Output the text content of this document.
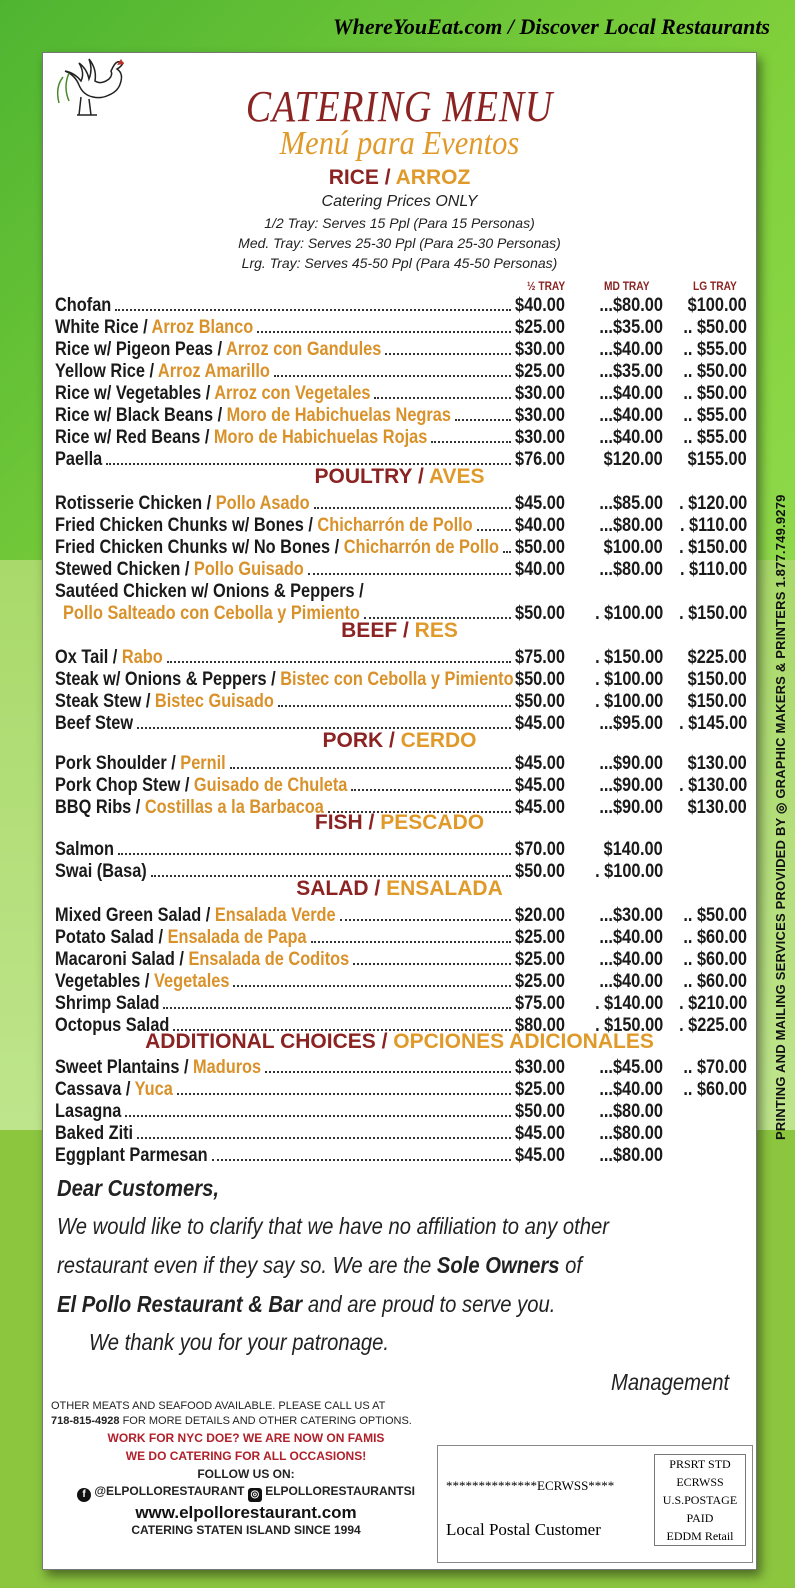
WhereYouEat.com / Discover Local Restaurants
PRINTING AND MAILING SERVICES PROVIDED BY ◎ GRAPHIC MAKERS & PRINTERS 1.877.749.9279
CATERING MENU
Menú para Eventos
RICE / ARROZ
Catering Prices ONLY
1/2 Tray: Serves 15 Ppl (Para 15 Personas)
Med. Tray: Serves 25-30 Ppl (Para 25-30 Personas)
Lrg. Tray: Serves 45-50 Ppl (Para 45-50 Personas)
½ TRAY	MD TRAY	LG TRAY
Chofan	$40.00 ...$80.00 $100.00
White Rice / Arroz Blanco	$25.00 ...$35.00 .. $50.00
Rice w/ Pigeon Peas / Arroz con Gandules	$30.00 ...$40.00 .. $55.00
Yellow Rice / Arroz Amarillo	$25.00 ...$35.00 .. $50.00
Rice w/ Vegetables / Arroz con Vegetales	$30.00 ...$40.00 .. $50.00
Rice w/ Black Beans / Moro de Habichuelas Negras	$30.00 ...$40.00 .. $55.00
Rice w/ Red Beans / Moro de Habichuelas Rojas	$30.00 ...$40.00 .. $55.00
Paella	$76.00 $120.00 $155.00
Rotisserie Chicken / Pollo Asado	$45.00 ...$85.00 . $120.00
Fried Chicken Chunks w/ Bones / Chicharrón de Pollo $40.00 ...$80.00 . $110.00
Fried Chicken Chunks w/ No Bones / Chicharrón de Pollo $50.00 $100.00 . $150.00
Stewed Chicken / Pollo Guisado	$40.00 ...$80.00 . $110.00
Sautéed Chicken w/ Onions & Peppers /
Pollo Salteado con Cebolla y Pimiento	$50.00 . $100.00 . $150.00
Ox Tail / Rabo	$75.00 . $150.00 $225.00
Steak w/ Onions & Peppers / Bistec con Cebolla y Pimiento $50.00 . $100.00 $150.00
Steak Stew / Bistec Guisado	$50.00 . $100.00 $150.00
Beef Stew	$45.00 ...$95.00 . $145.00
Pork Shoulder / Pernil	$45.00 ...$90.00 $130.00
Pork Chop Stew / Guisado de Chuleta	$45.00 ...$90.00 . $130.00
BBQ Ribs / Costillas a la Barbacoa	$45.00 ...$90.00 $130.00
Salmon	$70.00 $140.00
Swai (Basa)	$50.00 . $100.00
Mixed Green Salad / Ensalada Verde	$20.00 ...$30.00 .. $50.00
Potato Salad / Ensalada de Papa	$25.00 ...$40.00 .. $60.00
Macaroni Salad / Ensalada de Coditos	$25.00 ...$40.00 .. $60.00
Vegetables / Vegetales	$25.00 ...$40.00 .. $60.00
Shrimp Salad	$75.00 . $140.00 . $210.00
Octopus Salad	$80.00 . $150.00 . $225.00
Sweet Plantains / Maduros	$30.00 ...$45.00 .. $70.00
Cassava / Yuca	$25.00 ...$40.00 .. $60.00
Lasagna	$50.00 ...$80.00
Baked Ziti	$45.00 ...$80.00
Eggplant Parmesan	$45.00 ...$80.00
POULTRY / AVES
BEEF / RES
PORK / CERDO
FISH / PESCADO
SALAD / ENSALADA
ADDITIONAL CHOICES / OPCIONES ADICIONALES
Dear Customers,
We would like to clarify that we have no affiliation to any other
restaurant even if they say so. We are the Sole Owners of
El Pollo Restaurant & Bar and are proud to serve you.
We thank you for your patronage.
Management
OTHER MEATS AND SEAFOOD AVAILABLE. PLEASE CALL US AT
718-815-4928 FOR MORE DETAILS AND OTHER CATERING OPTIONS.
WORK FOR NYC DOE? WE ARE NOW ON FAMIS
WE DO CATERING FOR ALL OCCASIONS!
FOLLOW US ON:
f @ELPOLLORESTAURANT ◎ ELPOLLORESTAURANTSI
www.elpollorestaurant.com
CATERING STATEN ISLAND SINCE 1994
**************ECRWSS****
Local Postal Customer
PRSRT STD
ECRWSS
U.S.POSTAGE
PAID
EDDM Retail
